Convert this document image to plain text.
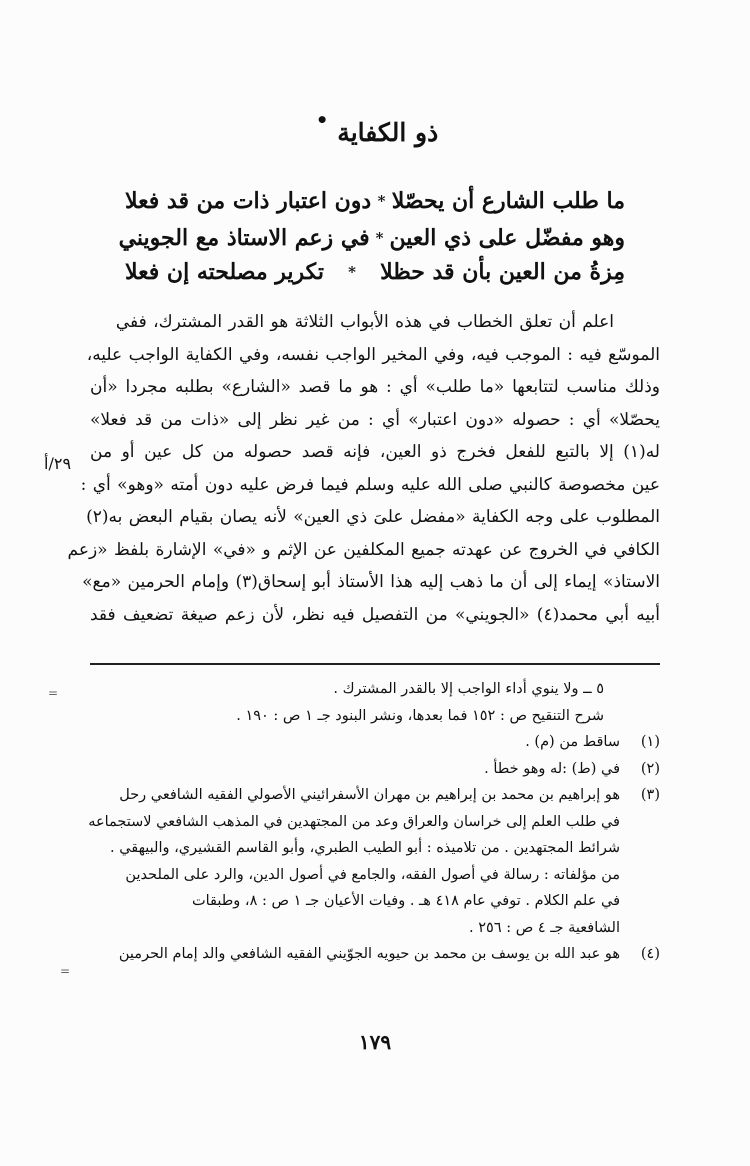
ذو الكفاية •
ما طلب الشارع أن يحصّلا
*
دون اعتبار ذات من قد فعلا
وهو مفضّل على ذي العين
*
في زعم الاستاذ مع الجويني
مِزةُ من العين بأن قد حظلا
*
تكرير مصلحته إن فعلا
اعلم أن تعلق الخطاب في هذه الأبواب الثلاثة هو القدر المشترك، ففي
الموسّع فيه : الموجب فيه، وفي المخير الواجب نفسه، وفي الكفاية الواجب عليه،
وذلك مناسب لتتابعها «ما طلب» أي : هو ما قصد «الشارع» بطلبه مجردا «أن
يحصّلا» أي : حصوله «دون اعتبار» أي : من غير نظر إلى «ذات من قد فعلا»
له(١) إلا بالتبع للفعل فخرج ذو العين، فإنه قصد حصوله من كل عين أو من
عين مخصوصة كالنبي صلى الله عليه وسلم فيما فرض عليه دون أمته «وهو» أي :
المطلوب على وجه الكفاية «مفضل علىَ ذي العين» لأنه يصان بقيام البعض به(٢)
الكافي في الخروج عن عهدته جميع المكلفين عن الإثم و «في» الإشارة بلفظ «زعم
الاستاذ» إيماء إلى أن ما ذهب إليه هذا الأستاذ أبو إسحاق(٣) وإمام الحرمين «مع»
أبيه أبي محمد(٤) «الجويني» من التفصيل فيه نظر، لأن زعم صيغة تضعيف فقد
٢٩/أ
٥ ــ ولا ينوي أداء الواجب إلا بالقدر المشترك .
شرح التنقيح ص : ١٥٢ فما بعدها، ونشر البنود جـ ١ ص : ١٩٠ .
(١)
ساقط من (م) .
(٢)
في (ط) :له وهو خطأ .
(٣)
هو إبراهيم بن محمد بن إبراهيم بن مهران الأسفرائيني الأصولي الفقيه الشافعي رحل
في طلب العلم إلى خراسان والعراق وعد من المجتهدين في المذهب الشافعي لاستجماعه
شرائط المجتهدين . من تلاميذه : أبو الطيب الطبري، وأبو القاسم القشيري، والبيهقي .
من مؤلفاته : رسالة في أصول الفقه، والجامع في أصول الدين، والرد على الملحدين
في علم الكلام . توفي عام ٤١٨ هـ . وفيات الأعيان جـ ١ ص : ٨، وطبقات
الشافعية جـ ٤ ص : ٢٥٦ .
(٤)
هو عبد الله بن يوسف بن محمد بن حيويه الجوّيني الفقيه الشافعي والد إمام الحرمين
١٧٩
=
=
